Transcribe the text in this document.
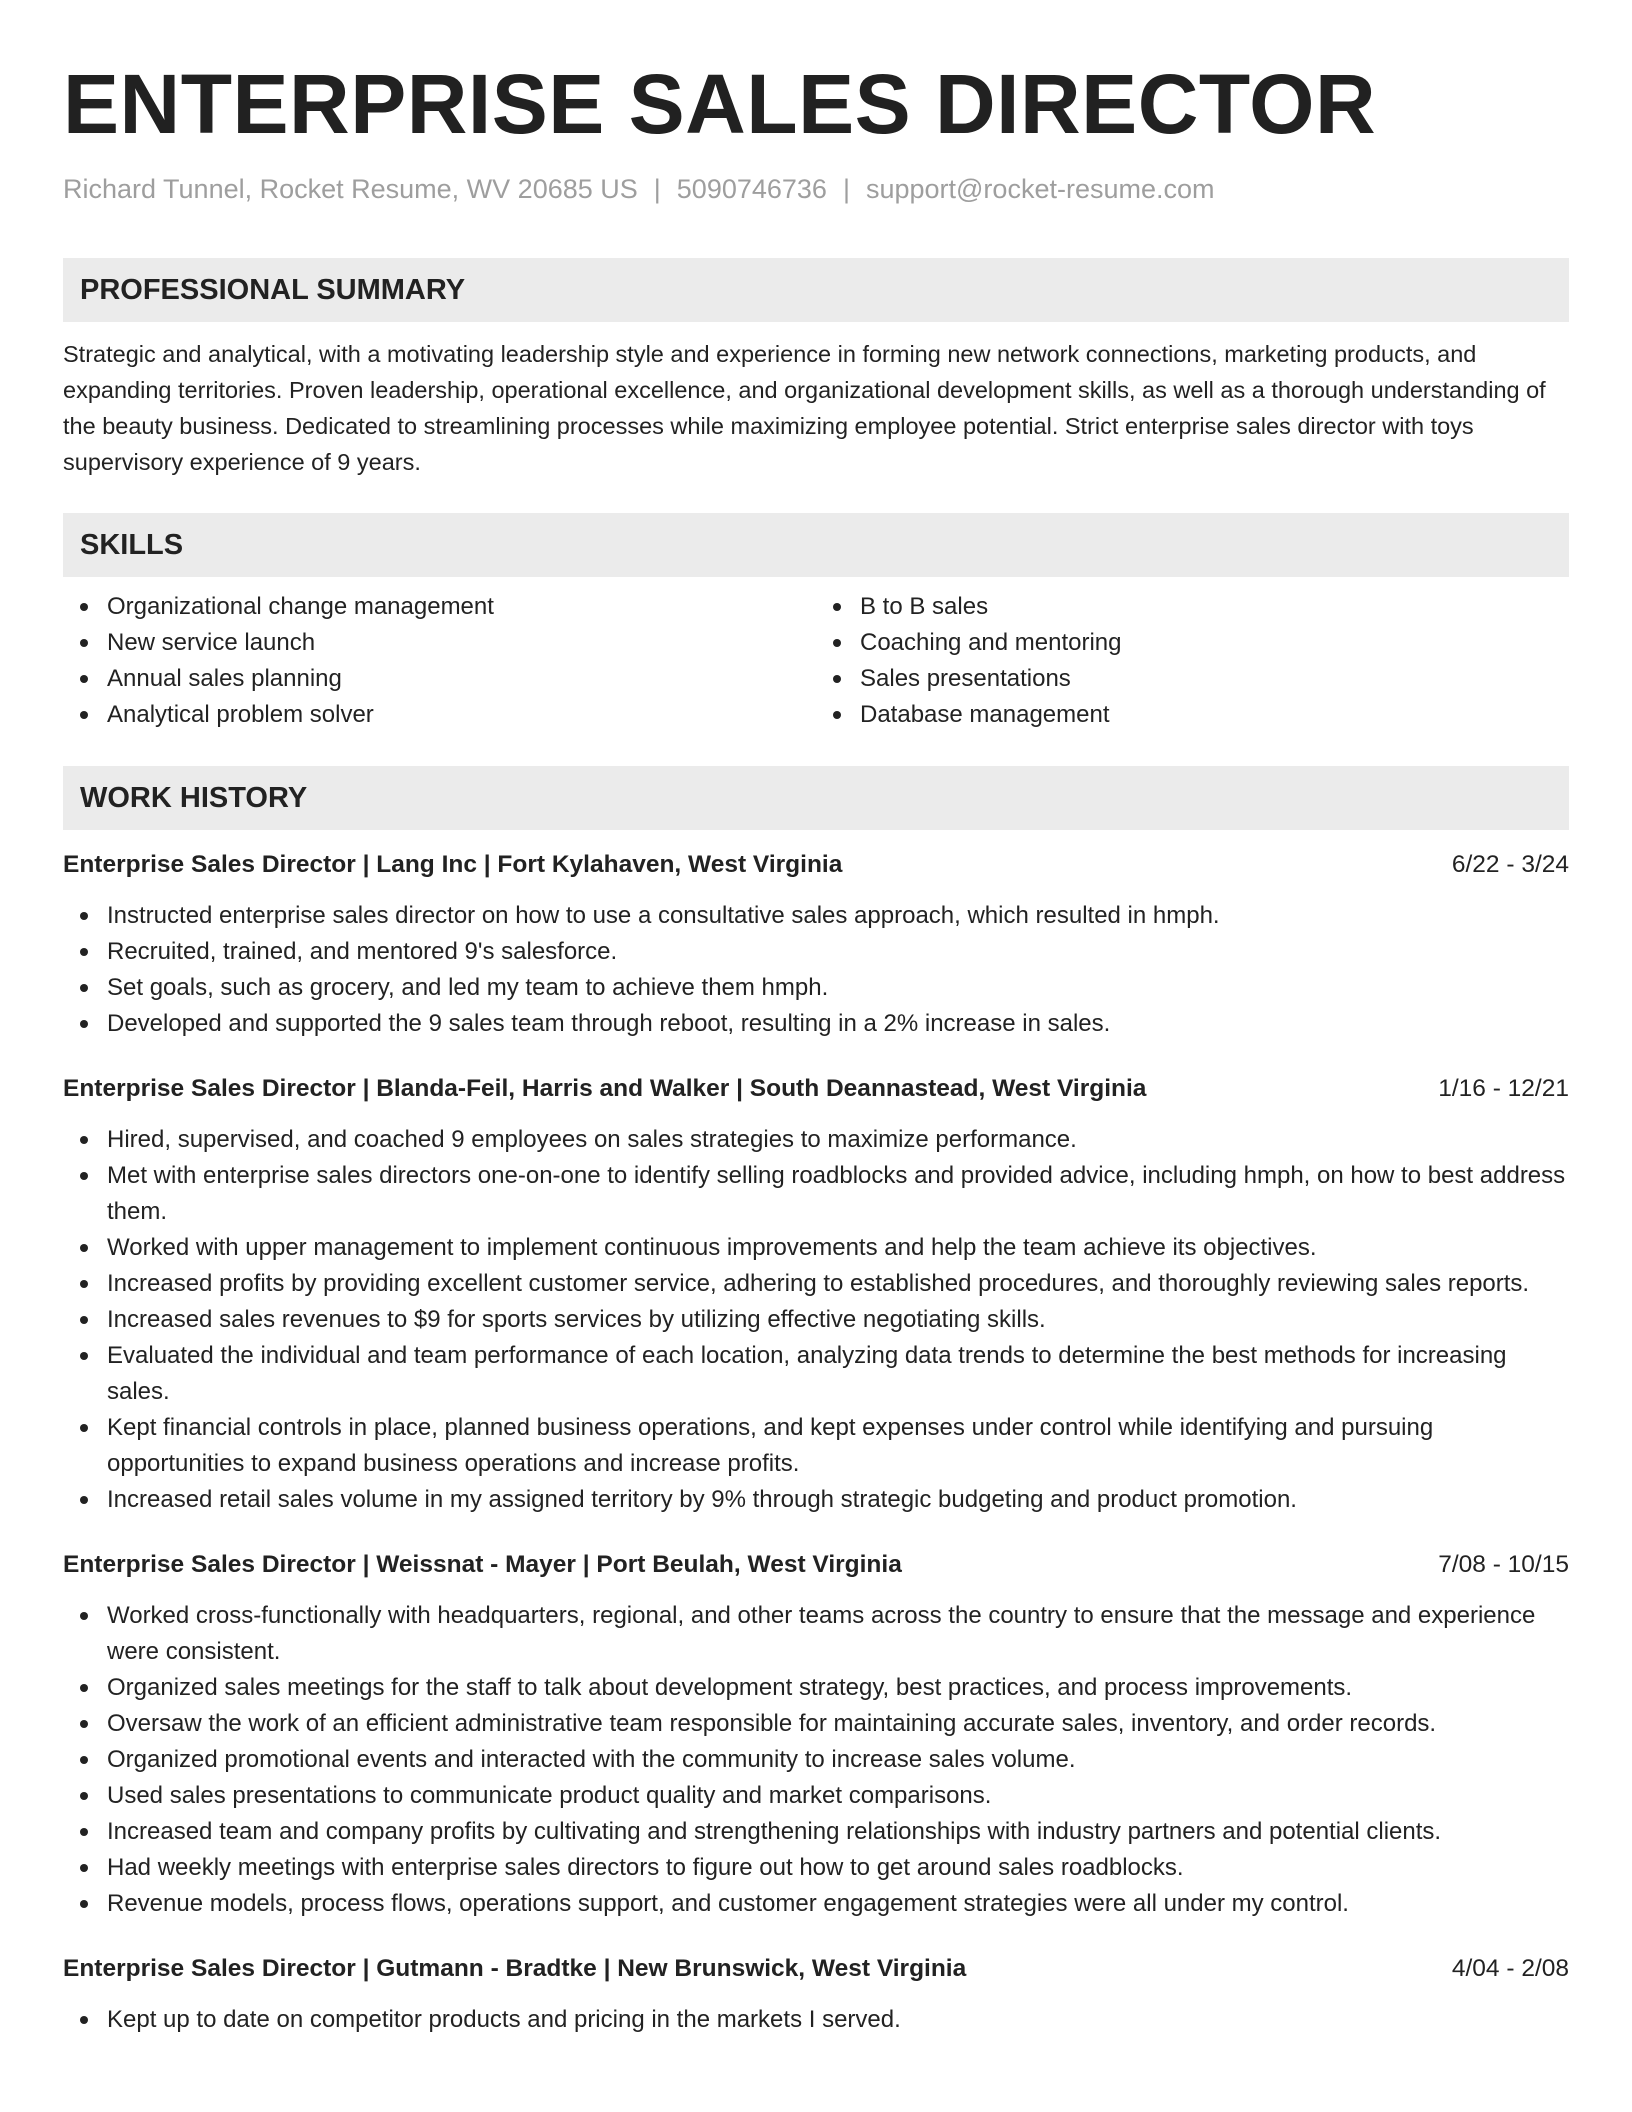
ENTERPRISE SALES DIRECTOR
Richard Tunnel, Rocket Resume, WV 20685 US | 5090746736 | support@rocket-resume.com
PROFESSIONAL SUMMARY
Strategic and analytical, with a motivating leadership style and experience in forming new network connections, marketing products, and expanding territories. Proven leadership, operational excellence, and organizational development skills, as well as a thorough understanding of the beauty business. Dedicated to streamlining processes while maximizing employee potential. Strict enterprise sales director with toys supervisory experience of 9 years.
SKILLS
Organizational change management
New service launch
Annual sales planning
Analytical problem solver
B to B sales
Coaching and mentoring
Sales presentations
Database management
WORK HISTORY
Enterprise Sales Director | Lang Inc | Fort Kylahaven, West Virginia	6/22 - 3/24
Instructed enterprise sales director on how to use a consultative sales approach, which resulted in hmph.
Recruited, trained, and mentored 9's salesforce.
Set goals, such as grocery, and led my team to achieve them hmph.
Developed and supported the 9 sales team through reboot, resulting in a 2% increase in sales.
Enterprise Sales Director | Blanda-Feil, Harris and Walker | South Deannastead, West Virginia	1/16 - 12/21
Hired, supervised, and coached 9 employees on sales strategies to maximize performance.
Met with enterprise sales directors one-on-one to identify selling roadblocks and provided advice, including hmph, on how to best address them.
Worked with upper management to implement continuous improvements and help the team achieve its objectives.
Increased profits by providing excellent customer service, adhering to established procedures, and thoroughly reviewing sales reports.
Increased sales revenues to $9 for sports services by utilizing effective negotiating skills.
Evaluated the individual and team performance of each location, analyzing data trends to determine the best methods for increasing sales.
Kept financial controls in place, planned business operations, and kept expenses under control while identifying and pursuing opportunities to expand business operations and increase profits.
Increased retail sales volume in my assigned territory by 9% through strategic budgeting and product promotion.
Enterprise Sales Director | Weissnat - Mayer | Port Beulah, West Virginia	7/08 - 10/15
Worked cross-functionally with headquarters, regional, and other teams across the country to ensure that the message and experience were consistent.
Organized sales meetings for the staff to talk about development strategy, best practices, and process improvements.
Oversaw the work of an efficient administrative team responsible for maintaining accurate sales, inventory, and order records.
Organized promotional events and interacted with the community to increase sales volume.
Used sales presentations to communicate product quality and market comparisons.
Increased team and company profits by cultivating and strengthening relationships with industry partners and potential clients.
Had weekly meetings with enterprise sales directors to figure out how to get around sales roadblocks.
Revenue models, process flows, operations support, and customer engagement strategies were all under my control.
Enterprise Sales Director | Gutmann - Bradtke | New Brunswick, West Virginia	4/04 - 2/08
Kept up to date on competitor products and pricing in the markets I served.
